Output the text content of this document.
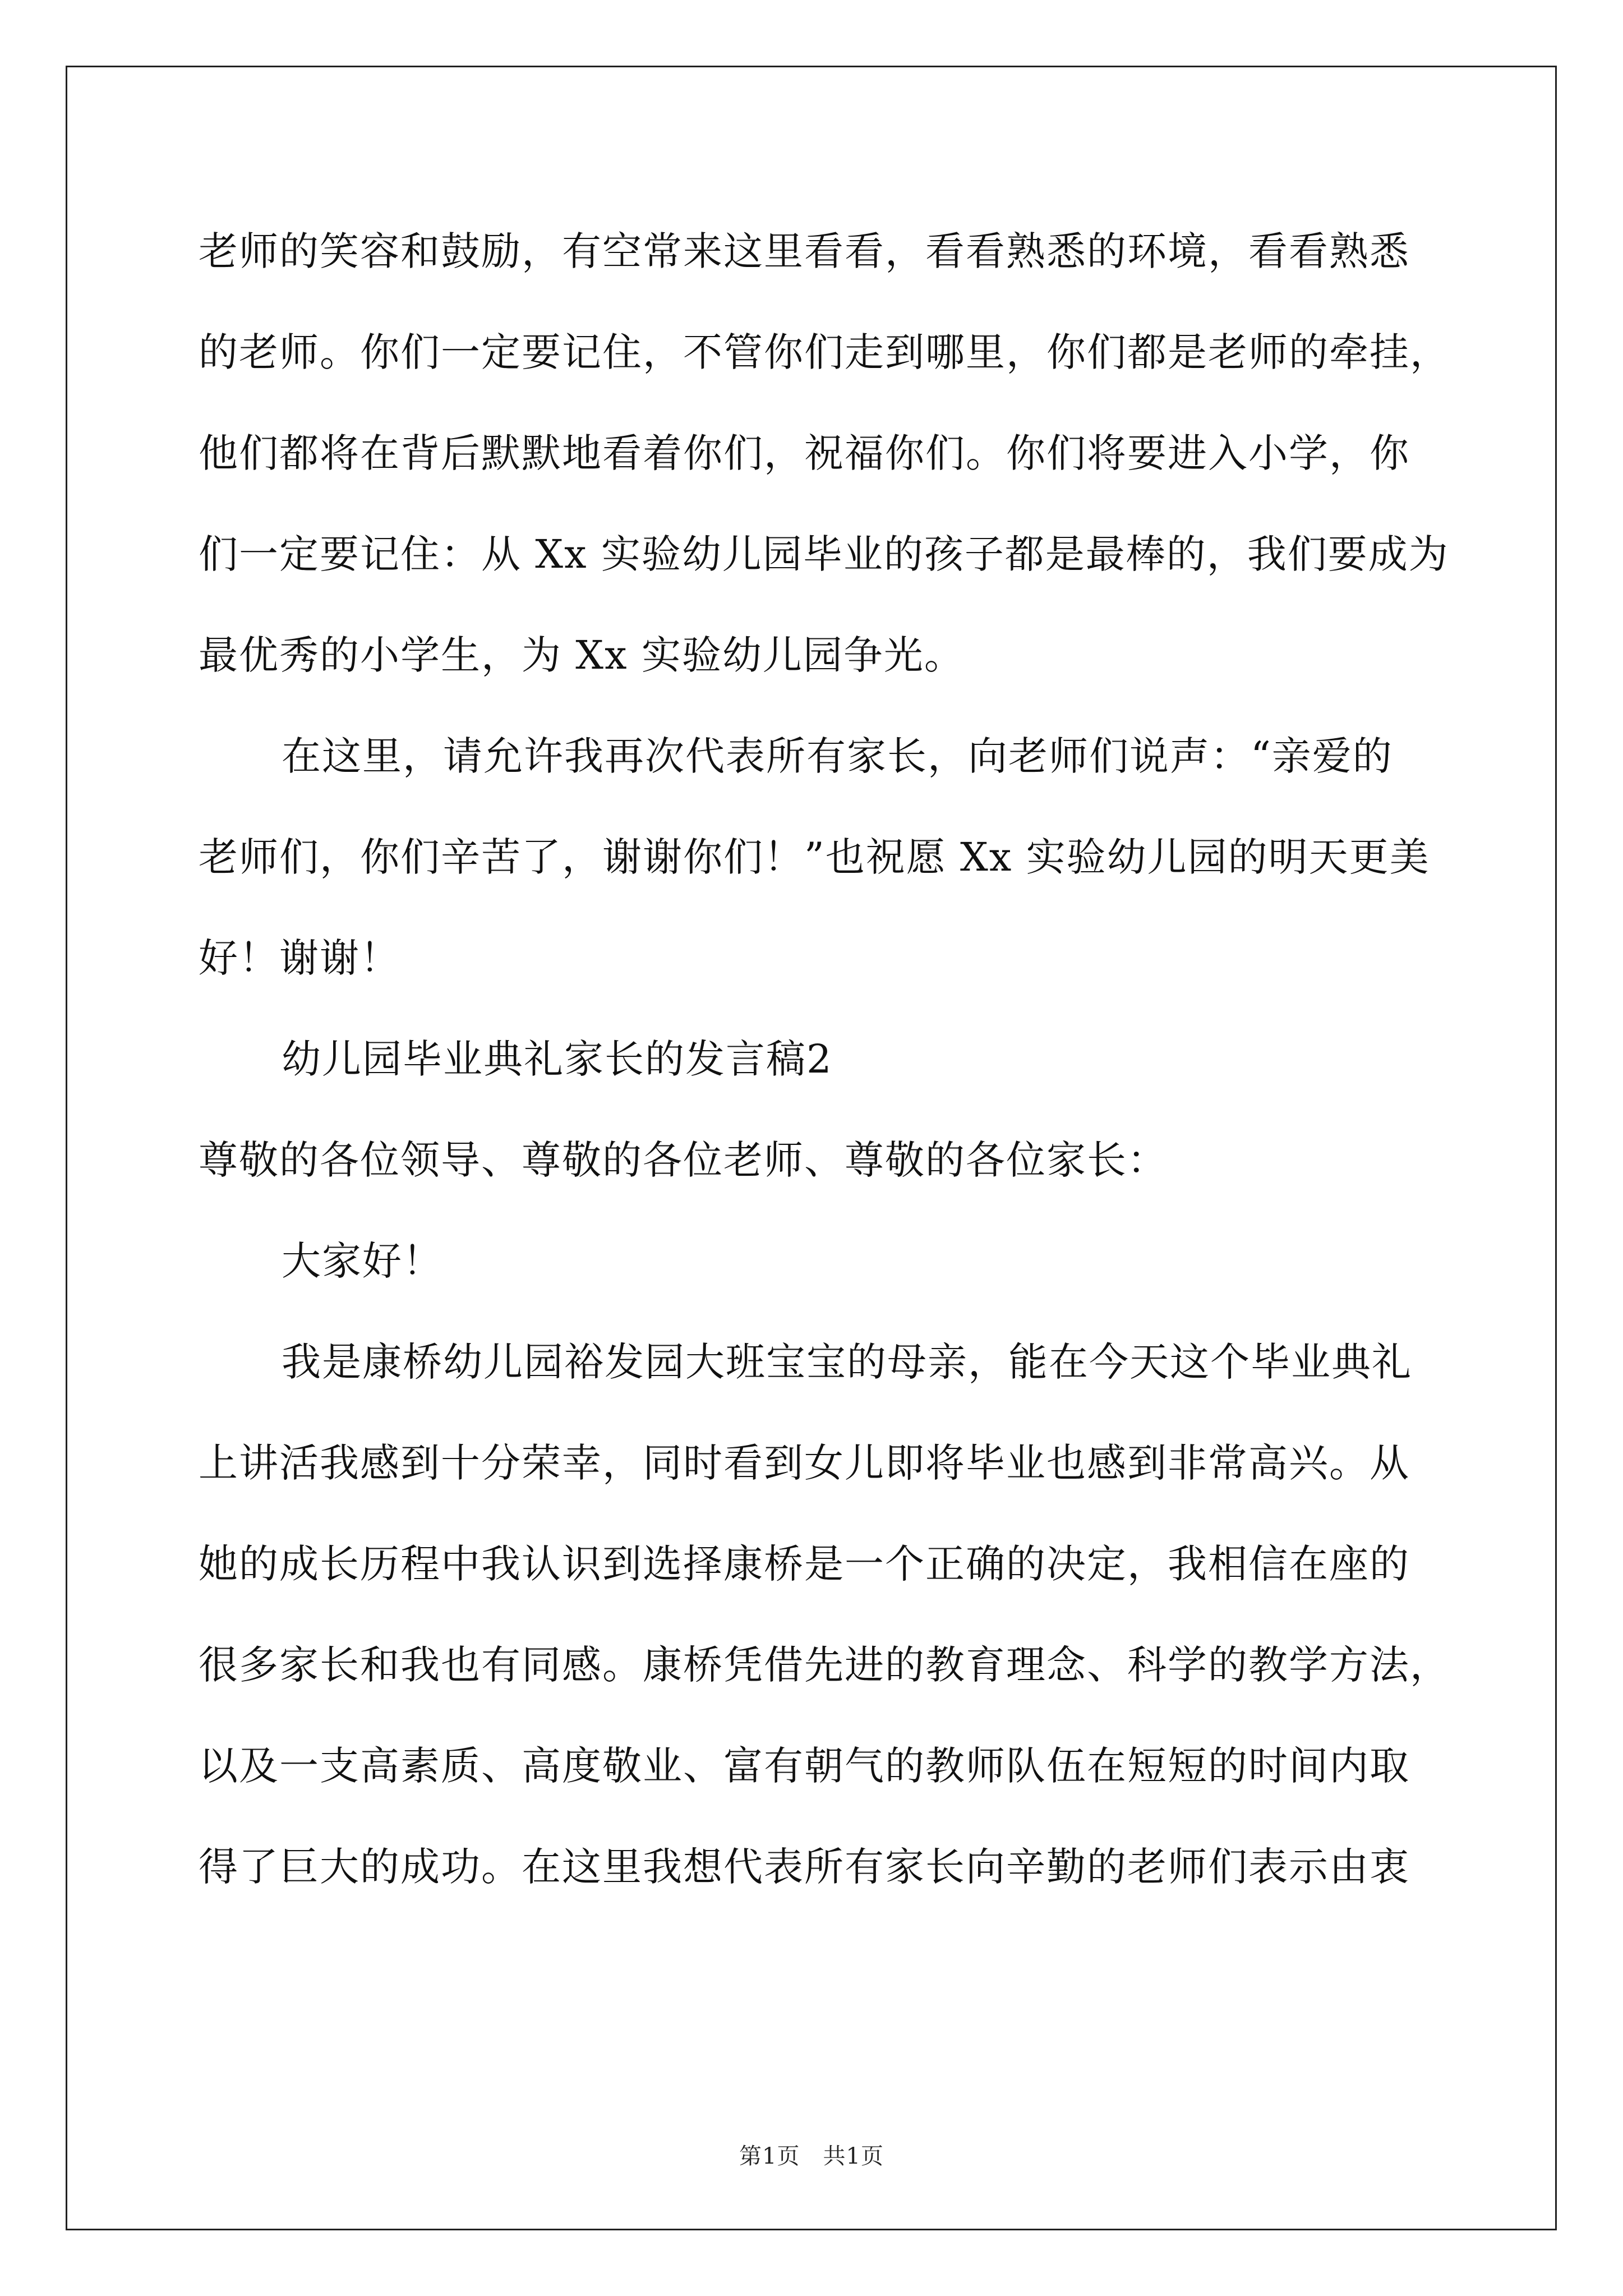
老师的笑容和鼓励，有空常来这里看看，看看熟悉的环境，看看熟悉
的老师。你们一定要记住，不管你们走到哪里，你们都是老师的牵挂，
他们都将在背后默默地看着你们，祝福你们。你们将要进入小学，你
们一定要记住：从 Xx 实验幼儿园毕业的孩子都是最棒的，我们要成为
最优秀的小学生，为 Xx 实验幼儿园争光。
在这里，请允许我再次代表所有家长，向老师们说声：“亲爱的
老师们，你们辛苦了，谢谢你们！”也祝愿 Xx 实验幼儿园的明天更美
好！谢谢！
幼儿园毕业典礼家长的发言稿2
尊敬的各位领导、尊敬的各位老师、尊敬的各位家长：
大家好！
我是康桥幼儿园裕发园大班宝宝的母亲，能在今天这个毕业典礼
上讲活我感到十分荣幸，同时看到女儿即将毕业也感到非常高兴。从
她的成长历程中我认识到选择康桥是一个正确的决定，我相信在座的
很多家长和我也有同感。康桥凭借先进的教育理念、科学的教学方法，
以及一支高素质、高度敬业、富有朝气的教师队伍在短短的时间内取
得了巨大的成功。在这里我想代表所有家长向辛勤的老师们表示由衷
第1页　共1页
